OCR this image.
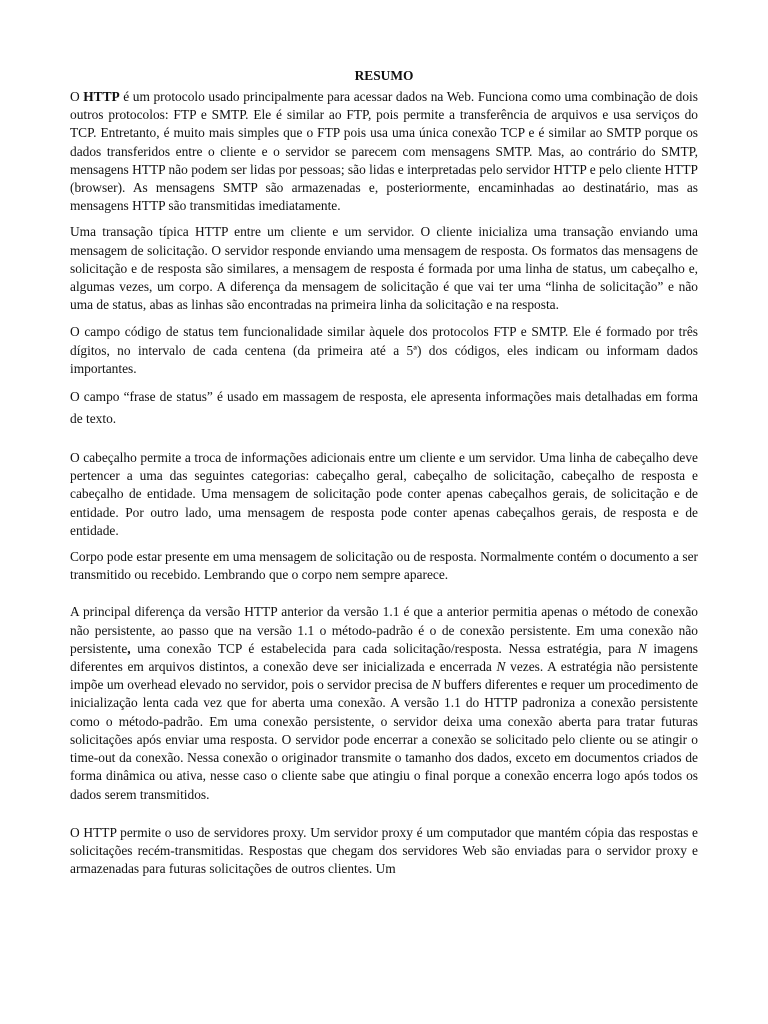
RESUMO

O HTTP é um protocolo usado principalmente para acessar dados na Web. Funciona como uma combinação de dois outros protocolos: FTP e SMTP. Ele é similar ao FTP, pois permite a transferência de arquivos e usa serviços do TCP. Entretanto, é muito mais simples que o FTP pois usa uma única conexão TCP e é similar ao SMTP porque os dados transferidos entre o cliente e o servidor se parecem com mensagens SMTP. Mas, ao contrário do SMTP, mensagens HTTP não podem ser lidas por pessoas; são lidas e interpretadas pelo servidor HTTP e pelo cliente HTTP (browser). As mensagens SMTP são armazenadas e, posteriormente, encaminhadas ao destinatário, mas as mensagens HTTP são transmitidas imediatamente.

Uma transação típica HTTP entre um cliente e um servidor. O cliente inicializa uma transação enviando uma mensagem de solicitação. O servidor responde enviando uma mensagem de resposta. Os formatos das mensagens de solicitação e de resposta são similares, a mensagem de resposta é formada por uma linha de status, um cabeçalho e, algumas vezes, um corpo. A diferença da mensagem de solicitação é que vai ter uma “linha de solicitação” e não uma de status, abas as linhas são encontradas na primeira linha da solicitação e na resposta.

O campo código de status tem funcionalidade similar àquele dos protocolos FTP e SMTP. Ele é formado por três dígitos, no intervalo de cada centena (da primeira até a 5ª) dos códigos, eles indicam ou informam dados importantes.

O campo “frase de status” é usado em massagem de resposta, ele apresenta informações mais detalhadas em forma de texto.

O cabeçalho permite a troca de informações adicionais entre um cliente e um servidor. Uma linha de cabeçalho deve pertencer a uma das seguintes categorias: cabeçalho geral, cabeçalho de solicitação, cabeçalho de resposta e cabeçalho de entidade. Uma mensagem de solicitação pode conter apenas cabeçalhos gerais, de solicitação e de entidade. Por outro lado, uma mensagem de resposta pode conter apenas cabeçalhos gerais, de resposta e de entidade.

Corpo pode estar presente em uma mensagem de solicitação ou de resposta. Normalmente contém o documento a ser transmitido ou recebido. Lembrando que o corpo nem sempre aparece.

A principal diferença da versão HTTP anterior da versão 1.1 é que a anterior permitia apenas o método de conexão não persistente, ao passo que na versão 1.1 o método-padrão é o de conexão persistente. Em uma conexão não persistente, uma conexão TCP é estabelecida para cada solicitação/resposta. Nessa estratégia, para N imagens diferentes em arquivos distintos, a conexão deve ser inicializada e encerrada N vezes. A estratégia não persistente impõe um overhead elevado no servidor, pois o servidor precisa de N buffers diferentes e requer um procedimento de inicialização lenta cada vez que for aberta uma conexão. A versão 1.1 do HTTP padroniza a conexão persistente como o método-padrão. Em uma conexão persistente, o servidor deixa uma conexão aberta para tratar futuras solicitações após enviar uma resposta. O servidor pode encerrar a conexão se solicitado pelo cliente ou se atingir o time-out da conexão. Nessa conexão o originador transmite o tamanho dos dados, exceto em documentos criados de forma dinâmica ou ativa, nesse caso o cliente sabe que atingiu o final porque a conexão encerra logo após todos os dados serem transmitidos.

O HTTP permite o uso de servidores proxy. Um servidor proxy é um computador que mantém cópia das respostas e solicitações recém-transmitidas. Respostas que chegam dos servidores Web são enviadas para o servidor proxy e armazenadas para futuras solicitações de outros clientes. Um
